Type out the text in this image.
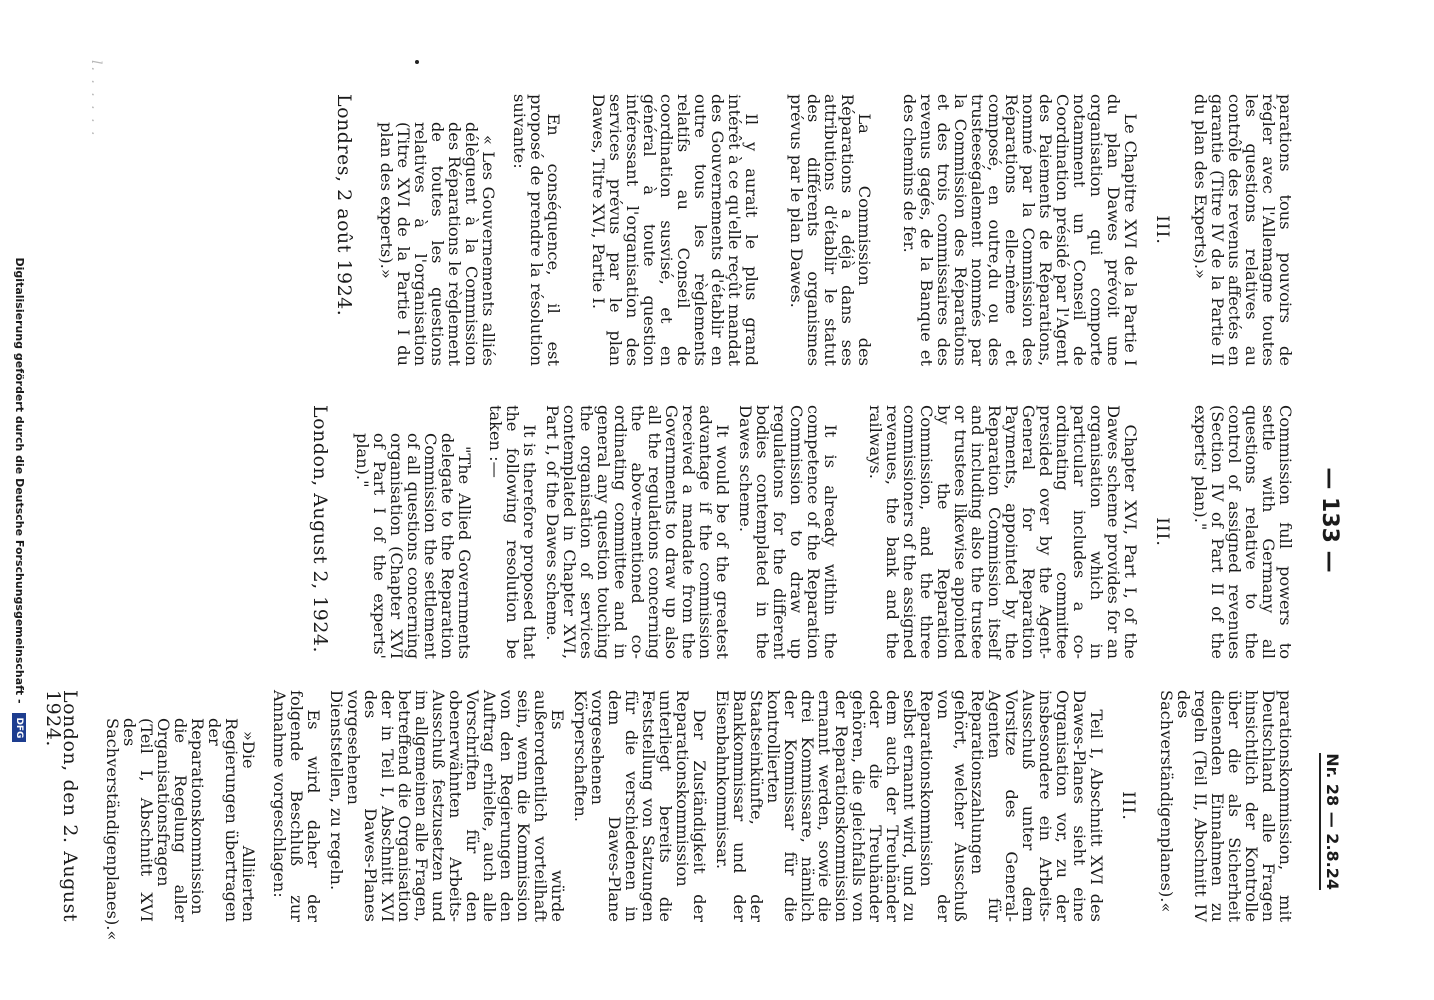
— 133 —
Nr. 28 — 2.8.24

parations tous pouvoirs de régler avec l'Allemagne toutes les questions relatives au contrôle des revenus affectés en garantie (Titre IV de la Partie II du plan des Experts).»

III.

Le Chapitre XVI de la Partie I du plan Dawes prévoit une organisation qui comporte notamment un Conseil de Coordination présidé par l'Agent des Paiements de Réparations, nommé par la Commission des Réparations elle-même et composé, en outre,du ou des trusteeségalement nommés par la Commission des Réparations et des trois commissaires des revenus gagés, de la Banque et des chemins de fer.

La Commission des Réparations a déjà dans ses attributions d'établir le statut des différents organismes prévus par le plan Dawes.

Il y aurait le plus grand intérêt à ce qu'elle reçût mandat des Gouvernements d'établir en outre tous les règlements relatifs au Conseil de coordination susvisé, et en général à toute question intéressant l'organisation des services prévus par le plan Dawes, Titre XVI, Partie I.

En conséquence, il est proposé de prendre la résolution suivante:

« Les Gouvernements alliés délèguent à la Commission des Réparations le règlement de toutes les questions relatives à l'organisation (Titre XVI de la Partie I du plan des experts).»

Londres, 2 août 1924.

Commission full powers to settle with Germany all questions relative to the control of assigned revenues (Section IV of Part II of the experts' plan)."

III.

Chapter XVI, Part I, of the Dawes scheme provides for an organisation which in particular includes a co-ordinating committee presided over by the Agent-General for Reparation Payments, appointed by the Reparation Commission itself and including also the trustee or trustees likewise appointed by the Reparation Commission, and the three commissioners of the assigned revenues, the bank and the railways.

It is already within the competence of the Reparation Commission to draw up regulations for the different bodies contemplated in the Dawes scheme.

It would be of the greatest advantage if the commission received a mandate from the Governments to draw up also all the regulations concerning the above-mentioned co-ordinating committee and in general any question touching the organisation of services contemplated in Chapter XVI, Part I, of the Dawes scheme.

It is therefore proposed that the following resolution be taken :—

"The Allied Governments delegate to the Reparation Commission the settlement of all questions concerning organisation (Chapter XVI of Part I of the experts' plan)."

London, August 2, 1924.

parationskommission, mit Deutschland alle Fragen hinsichtlich der Kontrolle über die als Sicherheit dienenden Einnahmen zu regeln (Teil II, Abschnitt IV des Sachverständigenplanes).«

III.

Teil I, Abschnitt XVI des Dawes-Planes sieht eine Organisation vor, zu der insbesondere ein Arbeits-Ausschuß unter dem Vorsitze des General-Agenten für Reparationszahlungen gehört, welcher Ausschuß von der Reparationskommission selbst ernannt wird, und zu dem auch der Treuhänder oder die Treuhänder gehören, die gleichfalls von der Reparationskommission ernannt werden, sowie die drei Kommissare, nämlich der Kommissar für die kontrollierten Staatseinkünfte, der Bankkommissar und der Eisenbahnkommissar.

Der Zuständigkeit der Reparationskommission unterliegt bereits die Feststellung von Satzungen für die verschiedenen in dem Dawes-Plane vorgesehenen Körperschaften.

Es würde außerordentlich vorteilhaft sein, wenn die Kommission von den Regierungen den Auftrag erhielte, auch alle Vorschriften für den obenerwähnten Arbeits-Ausschuß festzusetzen und im allgemeinen alle Fragen, betreffend die Organisation der in Teil I, Abschnitt XVI des Dawes-Planes vorgesehenen Dienststellen, zu regeln.

Es wird daher der folgende Beschluß zur Annahme vorgeschlagen:

»Die Alliierten Regierungen übertragen der Reparationskommission die Regelung aller Organisationsfragen (Teil I, Abschnitt XVI des Sachverständigenplanes).«

London, den 2. August 1924.

l. . . . . .
Digitalisierung gefördert durch die Deutsche Forschungsgemeinschaft - DFG
